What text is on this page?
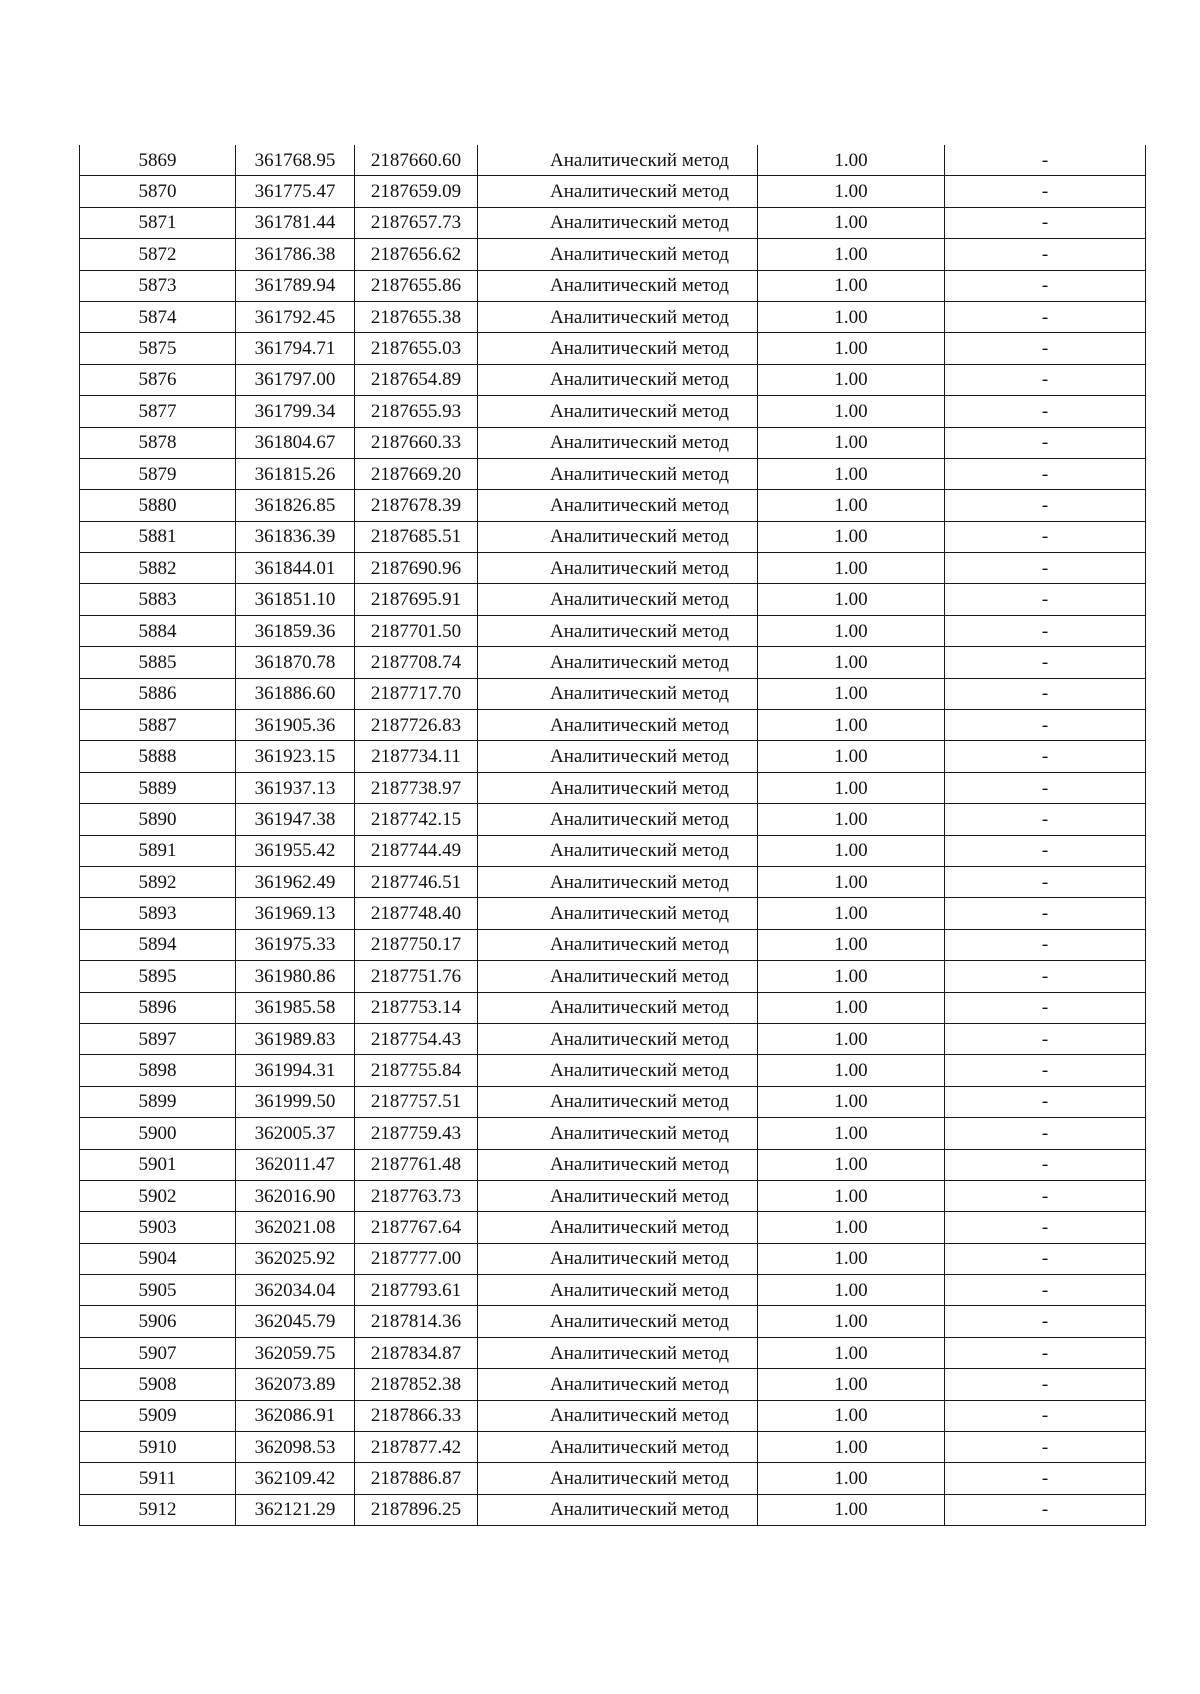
5869	361768.95	2187660.60	Аналитический метод	1.00	-
5870	361775.47	2187659.09	Аналитический метод	1.00	-
5871	361781.44	2187657.73	Аналитический метод	1.00	-
5872	361786.38	2187656.62	Аналитический метод	1.00	-
5873	361789.94	2187655.86	Аналитический метод	1.00	-
5874	361792.45	2187655.38	Аналитический метод	1.00	-
5875	361794.71	2187655.03	Аналитический метод	1.00	-
5876	361797.00	2187654.89	Аналитический метод	1.00	-
5877	361799.34	2187655.93	Аналитический метод	1.00	-
5878	361804.67	2187660.33	Аналитический метод	1.00	-
5879	361815.26	2187669.20	Аналитический метод	1.00	-
5880	361826.85	2187678.39	Аналитический метод	1.00	-
5881	361836.39	2187685.51	Аналитический метод	1.00	-
5882	361844.01	2187690.96	Аналитический метод	1.00	-
5883	361851.10	2187695.91	Аналитический метод	1.00	-
5884	361859.36	2187701.50	Аналитический метод	1.00	-
5885	361870.78	2187708.74	Аналитический метод	1.00	-
5886	361886.60	2187717.70	Аналитический метод	1.00	-
5887	361905.36	2187726.83	Аналитический метод	1.00	-
5888	361923.15	2187734.11	Аналитический метод	1.00	-
5889	361937.13	2187738.97	Аналитический метод	1.00	-
5890	361947.38	2187742.15	Аналитический метод	1.00	-
5891	361955.42	2187744.49	Аналитический метод	1.00	-
5892	361962.49	2187746.51	Аналитический метод	1.00	-
5893	361969.13	2187748.40	Аналитический метод	1.00	-
5894	361975.33	2187750.17	Аналитический метод	1.00	-
5895	361980.86	2187751.76	Аналитический метод	1.00	-
5896	361985.58	2187753.14	Аналитический метод	1.00	-
5897	361989.83	2187754.43	Аналитический метод	1.00	-
5898	361994.31	2187755.84	Аналитический метод	1.00	-
5899	361999.50	2187757.51	Аналитический метод	1.00	-
5900	362005.37	2187759.43	Аналитический метод	1.00	-
5901	362011.47	2187761.48	Аналитический метод	1.00	-
5902	362016.90	2187763.73	Аналитический метод	1.00	-
5903	362021.08	2187767.64	Аналитический метод	1.00	-
5904	362025.92	2187777.00	Аналитический метод	1.00	-
5905	362034.04	2187793.61	Аналитический метод	1.00	-
5906	362045.79	2187814.36	Аналитический метод	1.00	-
5907	362059.75	2187834.87	Аналитический метод	1.00	-
5908	362073.89	2187852.38	Аналитический метод	1.00	-
5909	362086.91	2187866.33	Аналитический метод	1.00	-
5910	362098.53	2187877.42	Аналитический метод	1.00	-
5911	362109.42	2187886.87	Аналитический метод	1.00	-
5912	362121.29	2187896.25	Аналитический метод	1.00	-
